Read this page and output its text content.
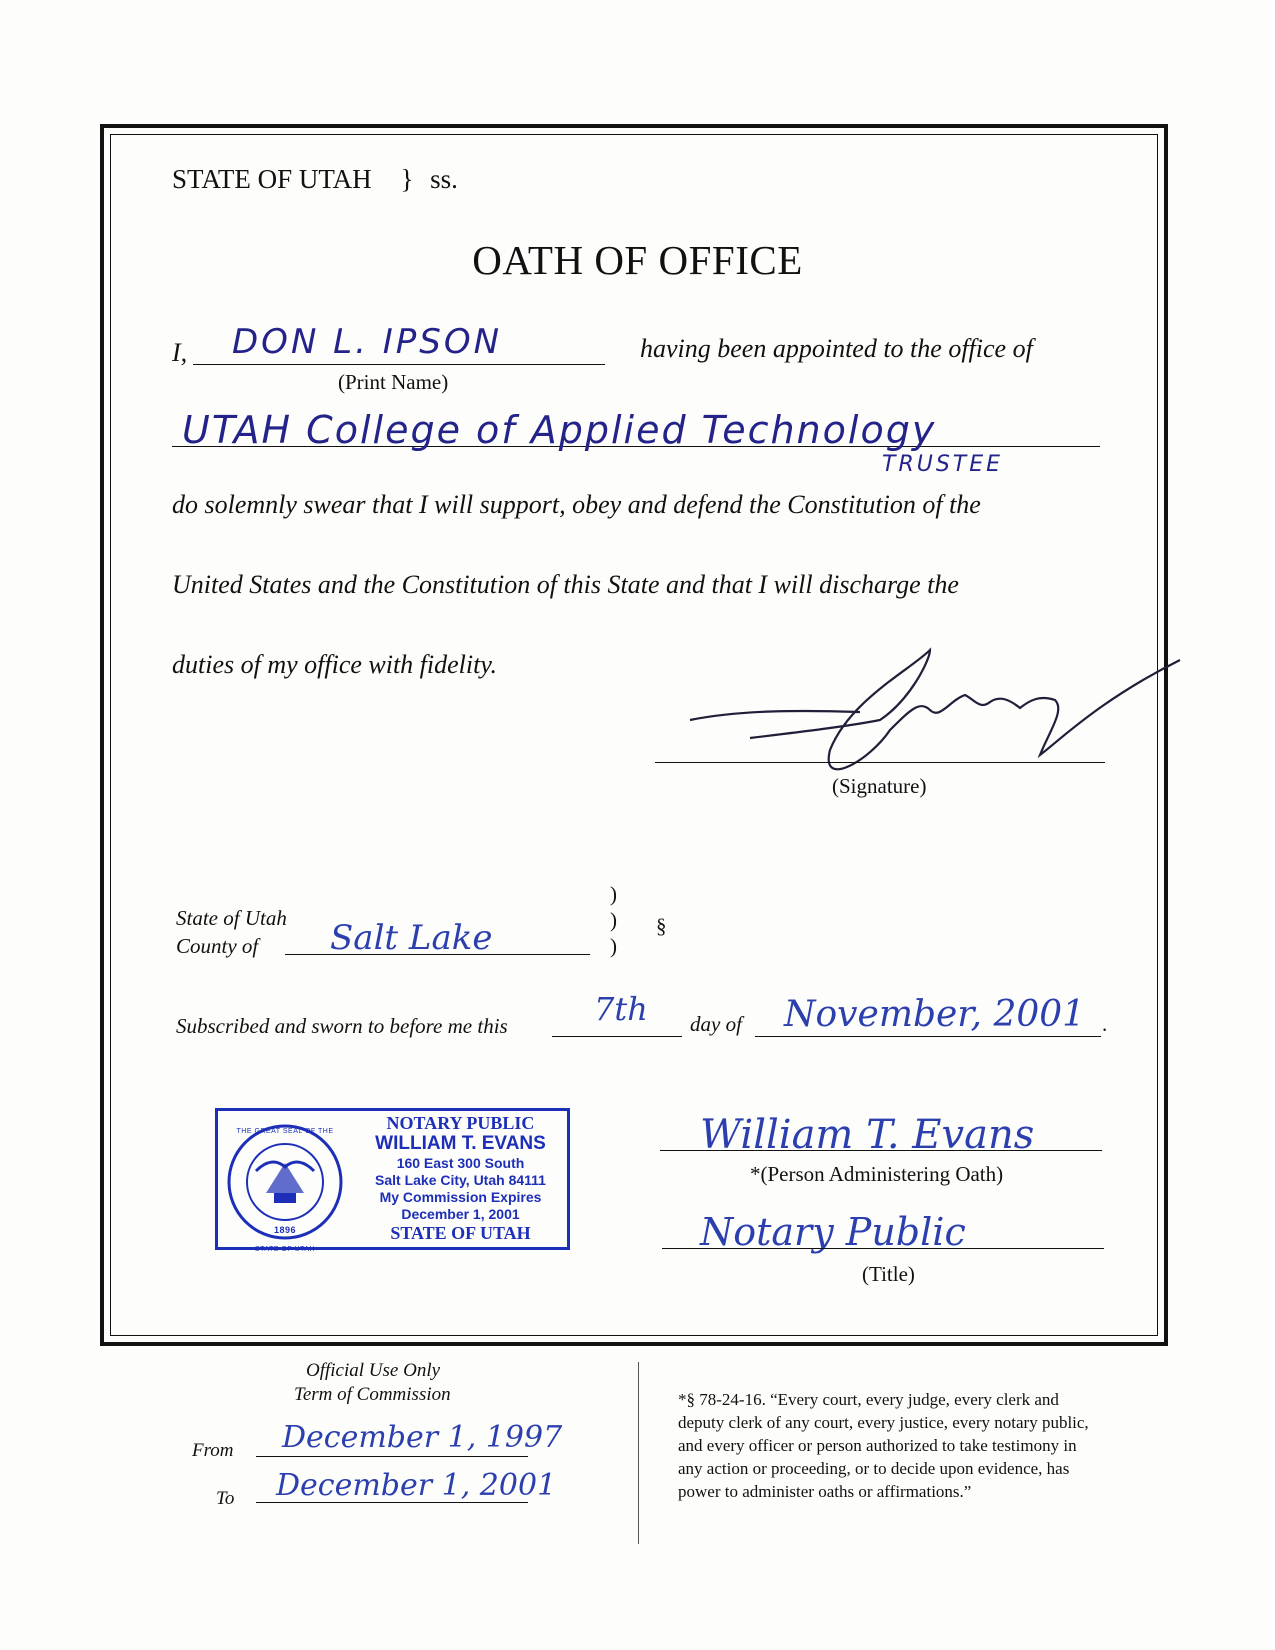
STATE OF UTAH } ss.
OATH OF OFFICE
I, DON L. IPSON
(Print Name)
having been appointed to the office of
UTAH College of Applied Technology
TRUSTEE
do solemnly swear that I will support, obey and defend the Constitution of the
United States and the Constitution of this State and that I will discharge the
duties of my office with fidelity.
(Signature)
State of Utah
County of Salt Lake
)
)
)
§
Subscribed and sworn to before me this	7th day of November, 2001 .
THE GREAT SEAL OF THE STATE OF UTAH
1896
NOTARY PUBLIC
WILLIAM T. EVANS
160 East 300 South
Salt Lake City, Utah 84111
My Commission Expires
December 1, 2001
STATE OF UTAH
William T. Evans
*(Person Administering Oath)
Notary Public
(Title)
Official Use Only
Term of Commission
From December 1, 1997
To December 1, 2001
*§ 78-24-16. “Every court, every judge, every clerk and
deputy clerk of any court, every justice, every notary public,
and every officer or person authorized to take testimony in
any action or proceeding, or to decide upon evidence, has
power to administer oaths or affirmations.”
